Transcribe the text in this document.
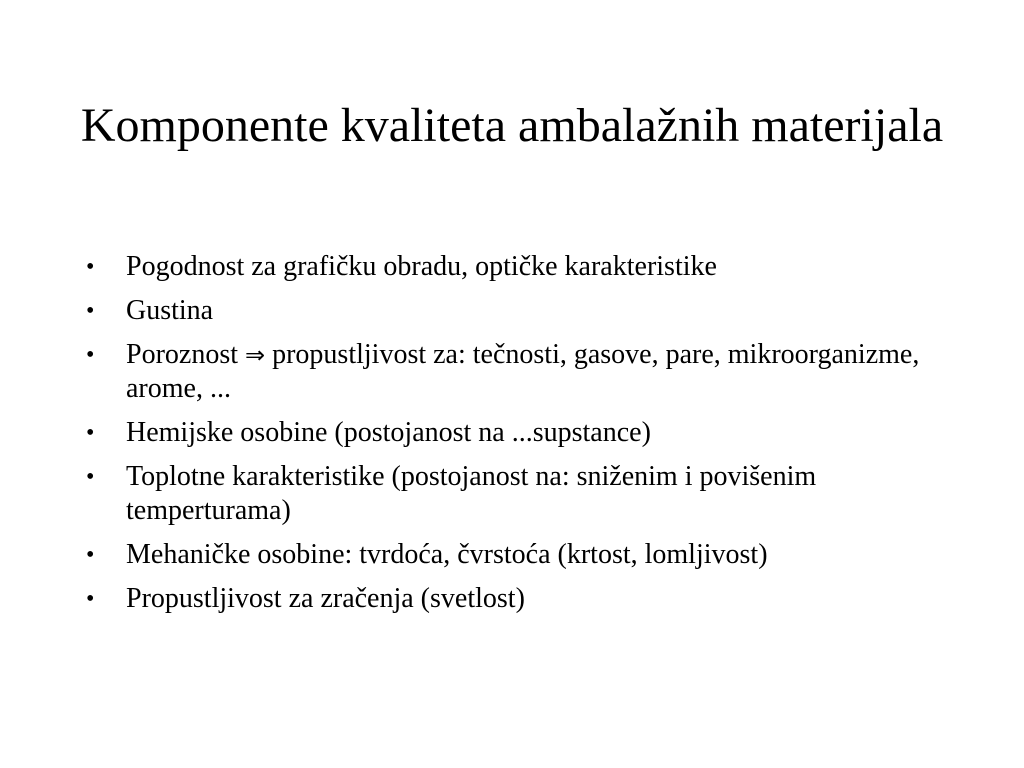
Komponente kvaliteta ambalažnih materijala
•	Pogodnost za grafičku obradu, optičke karakteristike
•	Gustina
•	Poroznost ⇒ propustljivost za: tečnosti, gasove, pare, mikroorganizme, arome, ...
•	Hemijske osobine (postojanost na ...supstance)
•	Toplotne karakteristike (postojanost na: sniženim i povišenim temperturama)
•	Mehaničke osobine: tvrdoća, čvrstoća (krtost, lomljivost)
•	Propustljivost za zračenja (svetlost)
